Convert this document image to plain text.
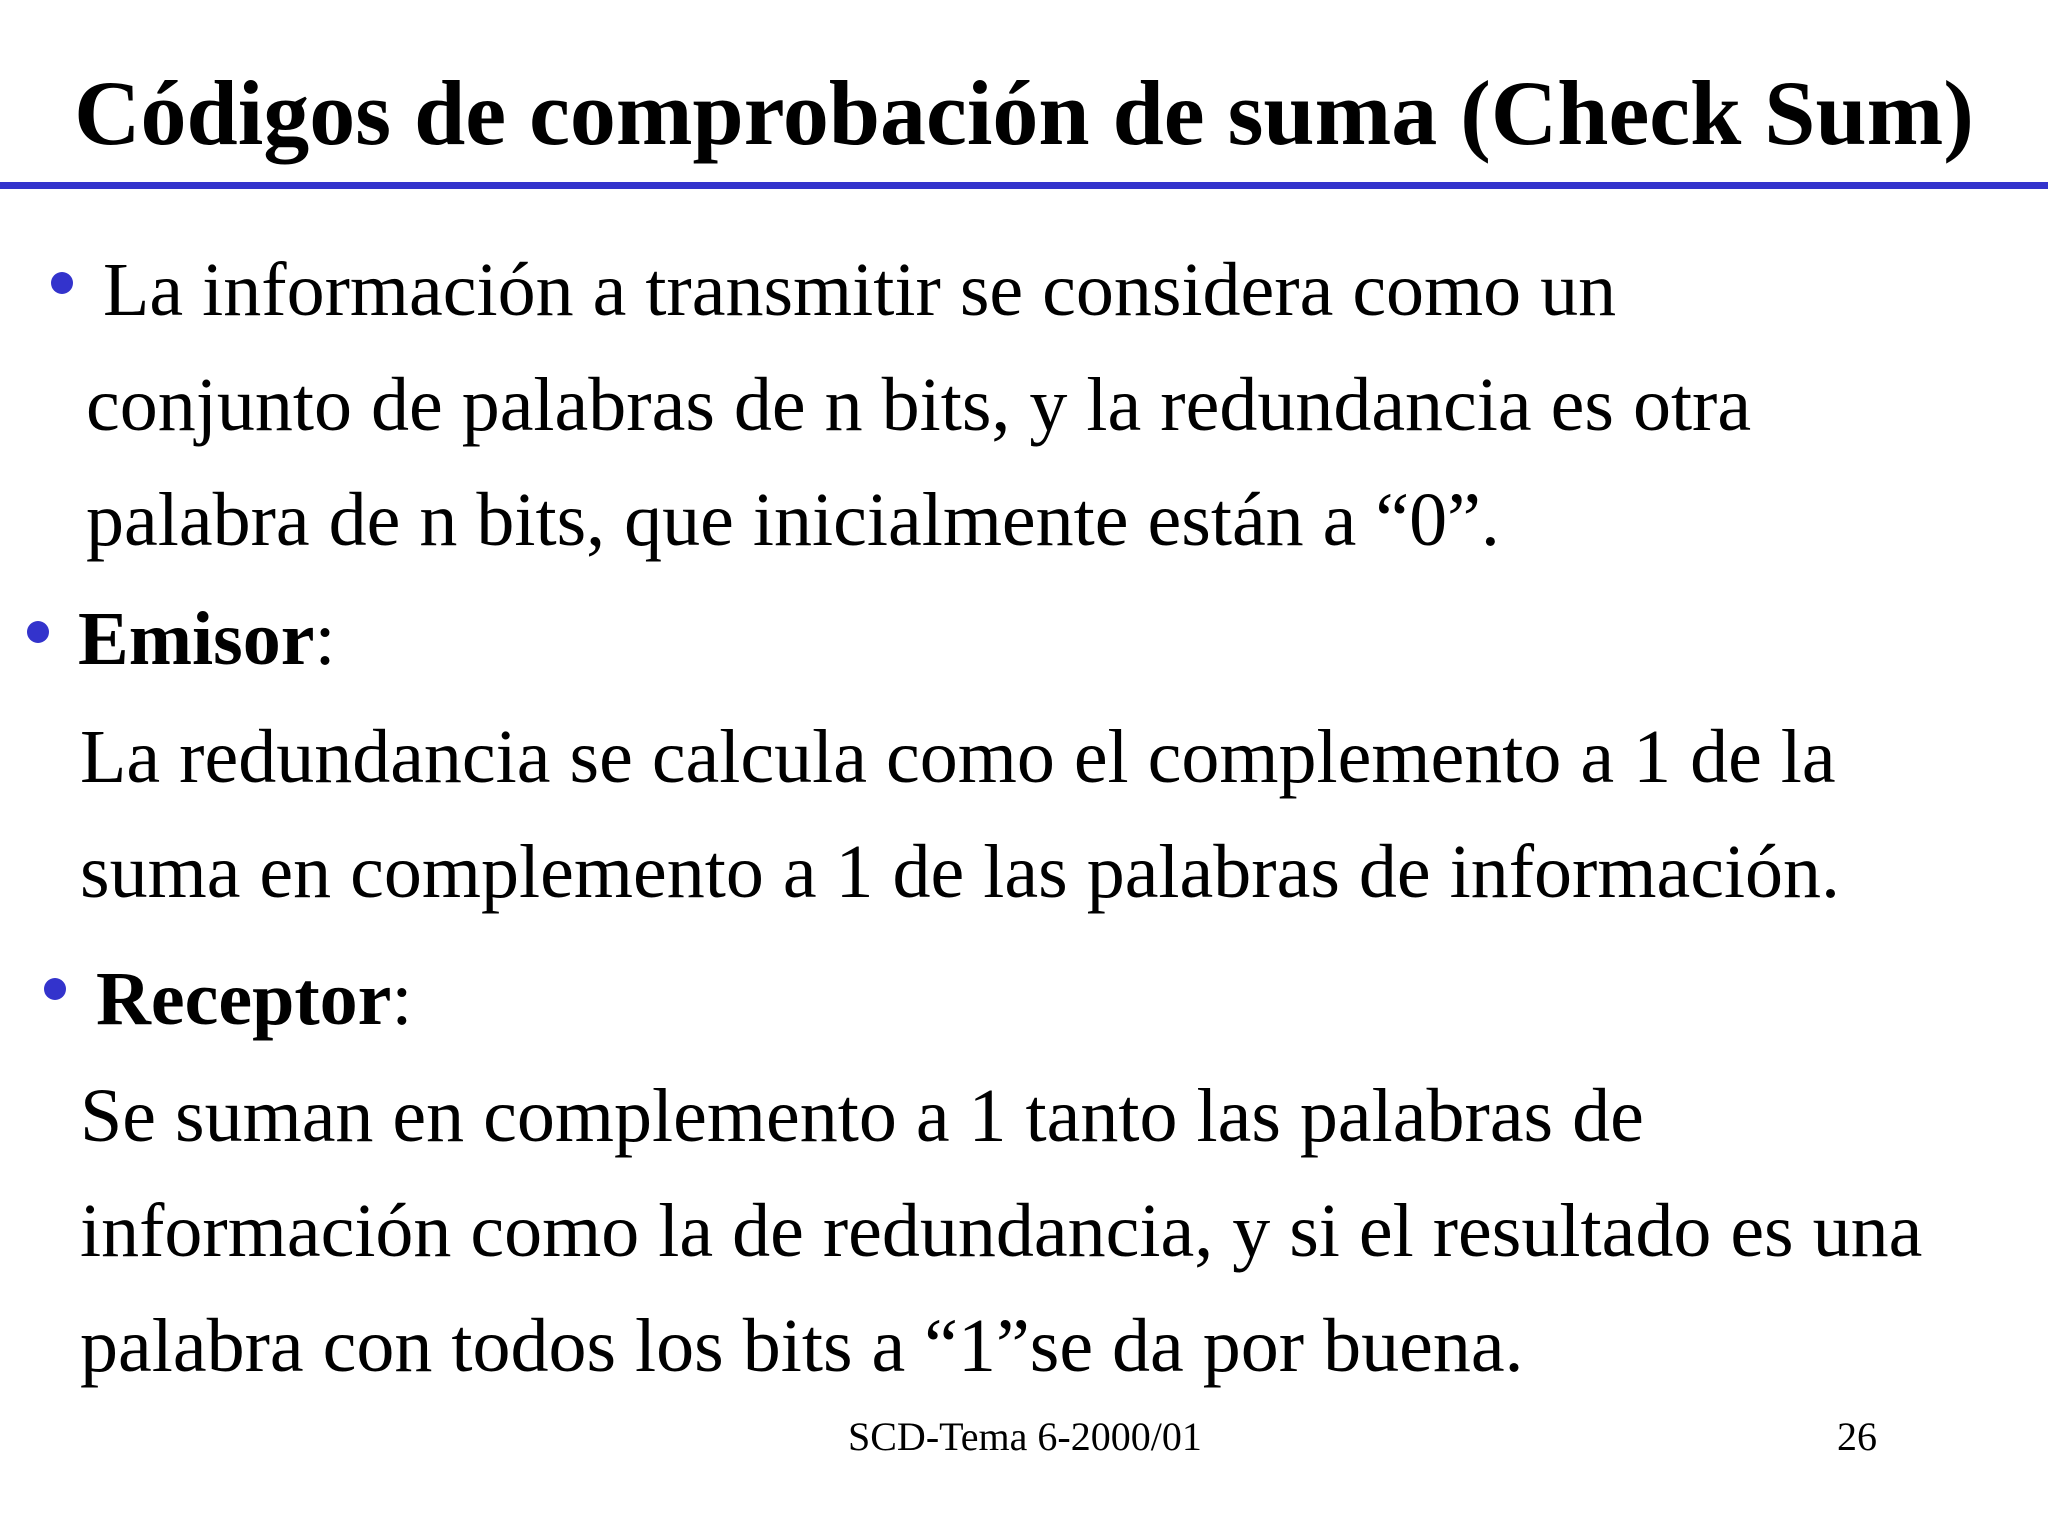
Códigos de comprobación de suma (Check Sum)
La información a transmitir se considera como un
conjunto de palabras de n bits, y la redundancia es otra
palabra de n bits, que inicialmente están a “0”.
Emisor:
La redundancia se calcula como el complemento a 1 de la
suma en complemento a 1 de las palabras de información.
Receptor:
Se suman en complemento a 1 tanto las palabras de
información como la de redundancia, y si el resultado es una
palabra con todos los bits a “1”se da por buena.
SCD-Tema 6-2000/01	26
